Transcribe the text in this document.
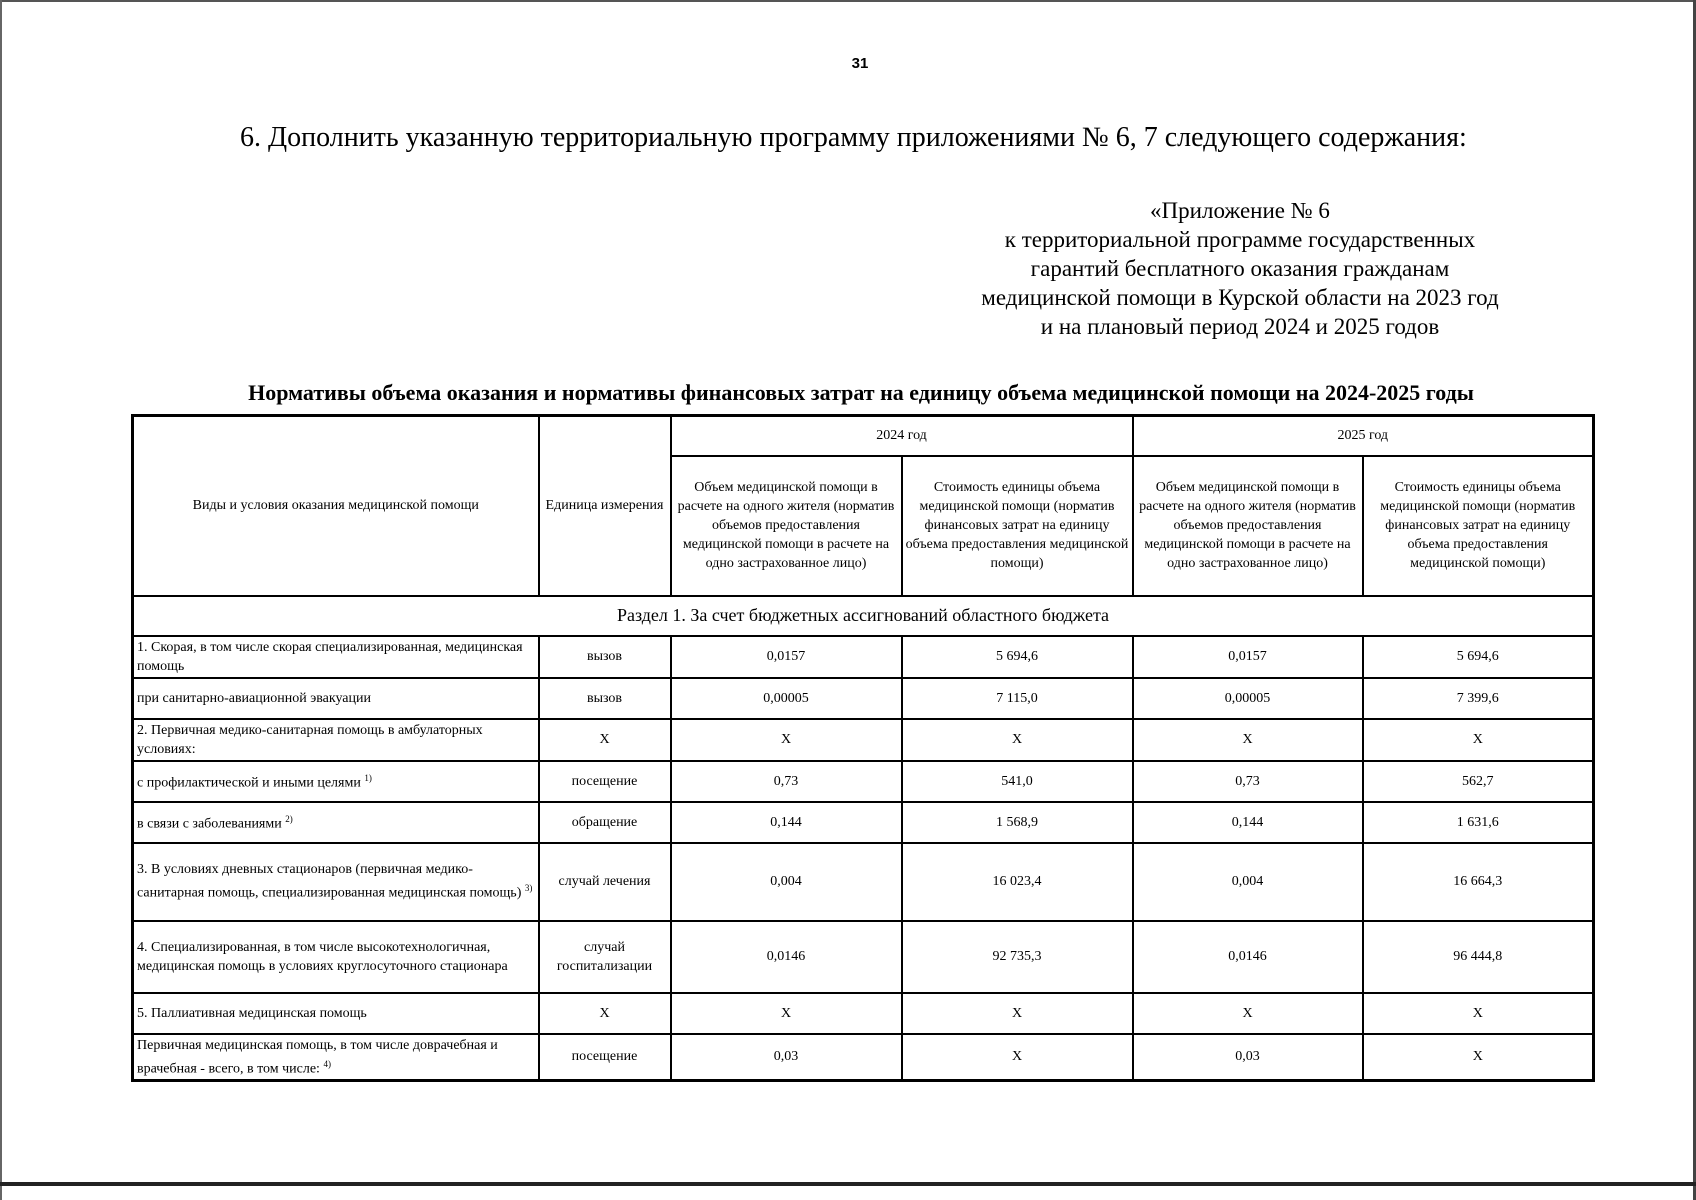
31
6. Дополнить указанную территориальную программу приложениями № 6, 7 следующего содержания:
«Приложение № 6
к территориальной программе государственных
гарантий бесплатного оказания гражданам
медицинской помощи в Курской области на 2023 год
и на плановый период 2024 и 2025 годов
Нормативы объема оказания и нормативы финансовых затрат на единицу объема медицинской помощи на 2024-2025 годы
Виды и условия оказания медицинской помощи	Единица измерения	2024 год		2025 год	
		Объем медицинской помощи в расчете на одного жителя (норматив объемов предоставления медицинской помощи в расчете на одно застрахованное лицо)	Стоимость единицы объема медицинской помощи (норматив финансовых затрат на единицу объема предоставления медицинской помощи)	Объем медицинской помощи в расчете на одного жителя (норматив объемов предоставления медицинской помощи в расчете на одно застрахованное лицо)	Стоимость единицы объема медицинской помощи (норматив финансовых затрат на единицу объема предоставления медицинской помощи)
Раздел 1. За счет бюджетных ассигнований областного бюджета					
1. Скорая, в том числе скорая специализированная, медицинская помощь	вызов	0,0157	5 694,6	0,0157	5 694,6
при санитарно-авиационной эвакуации	вызов	0,00005	7 115,0	0,00005	7 399,6
2. Первичная медико-санитарная помощь в амбулаторных условиях:	X	X	X	X	X
с профилактической и иными целями $^{1)}$	посещение	0,73	541,0	0,73	562,7
в связи с заболеваниями $^{2)}$	обращение	0,144	1 568,9	0,144	1 631,6
3. В условиях дневных стационаров (первичная медико-санитарная помощь, специализированная медицинская помощь) $^{3)}$	случай лечения	0,004	16 023,4	0,004	16 664,3
4. Специализированная, в том числе высокотехнологичная, медицинская помощь в условиях круглосуточного стационара	случай госпитализации	0,0146	92 735,3	0,0146	96 444,8
5. Паллиативная медицинская помощь	X	X	X	X	X
Первичная медицинская помощь, в том числе доврачебная и врачебная - всего, в том числе: $^{4)}$	посещение	0,03	X	0,03	X
